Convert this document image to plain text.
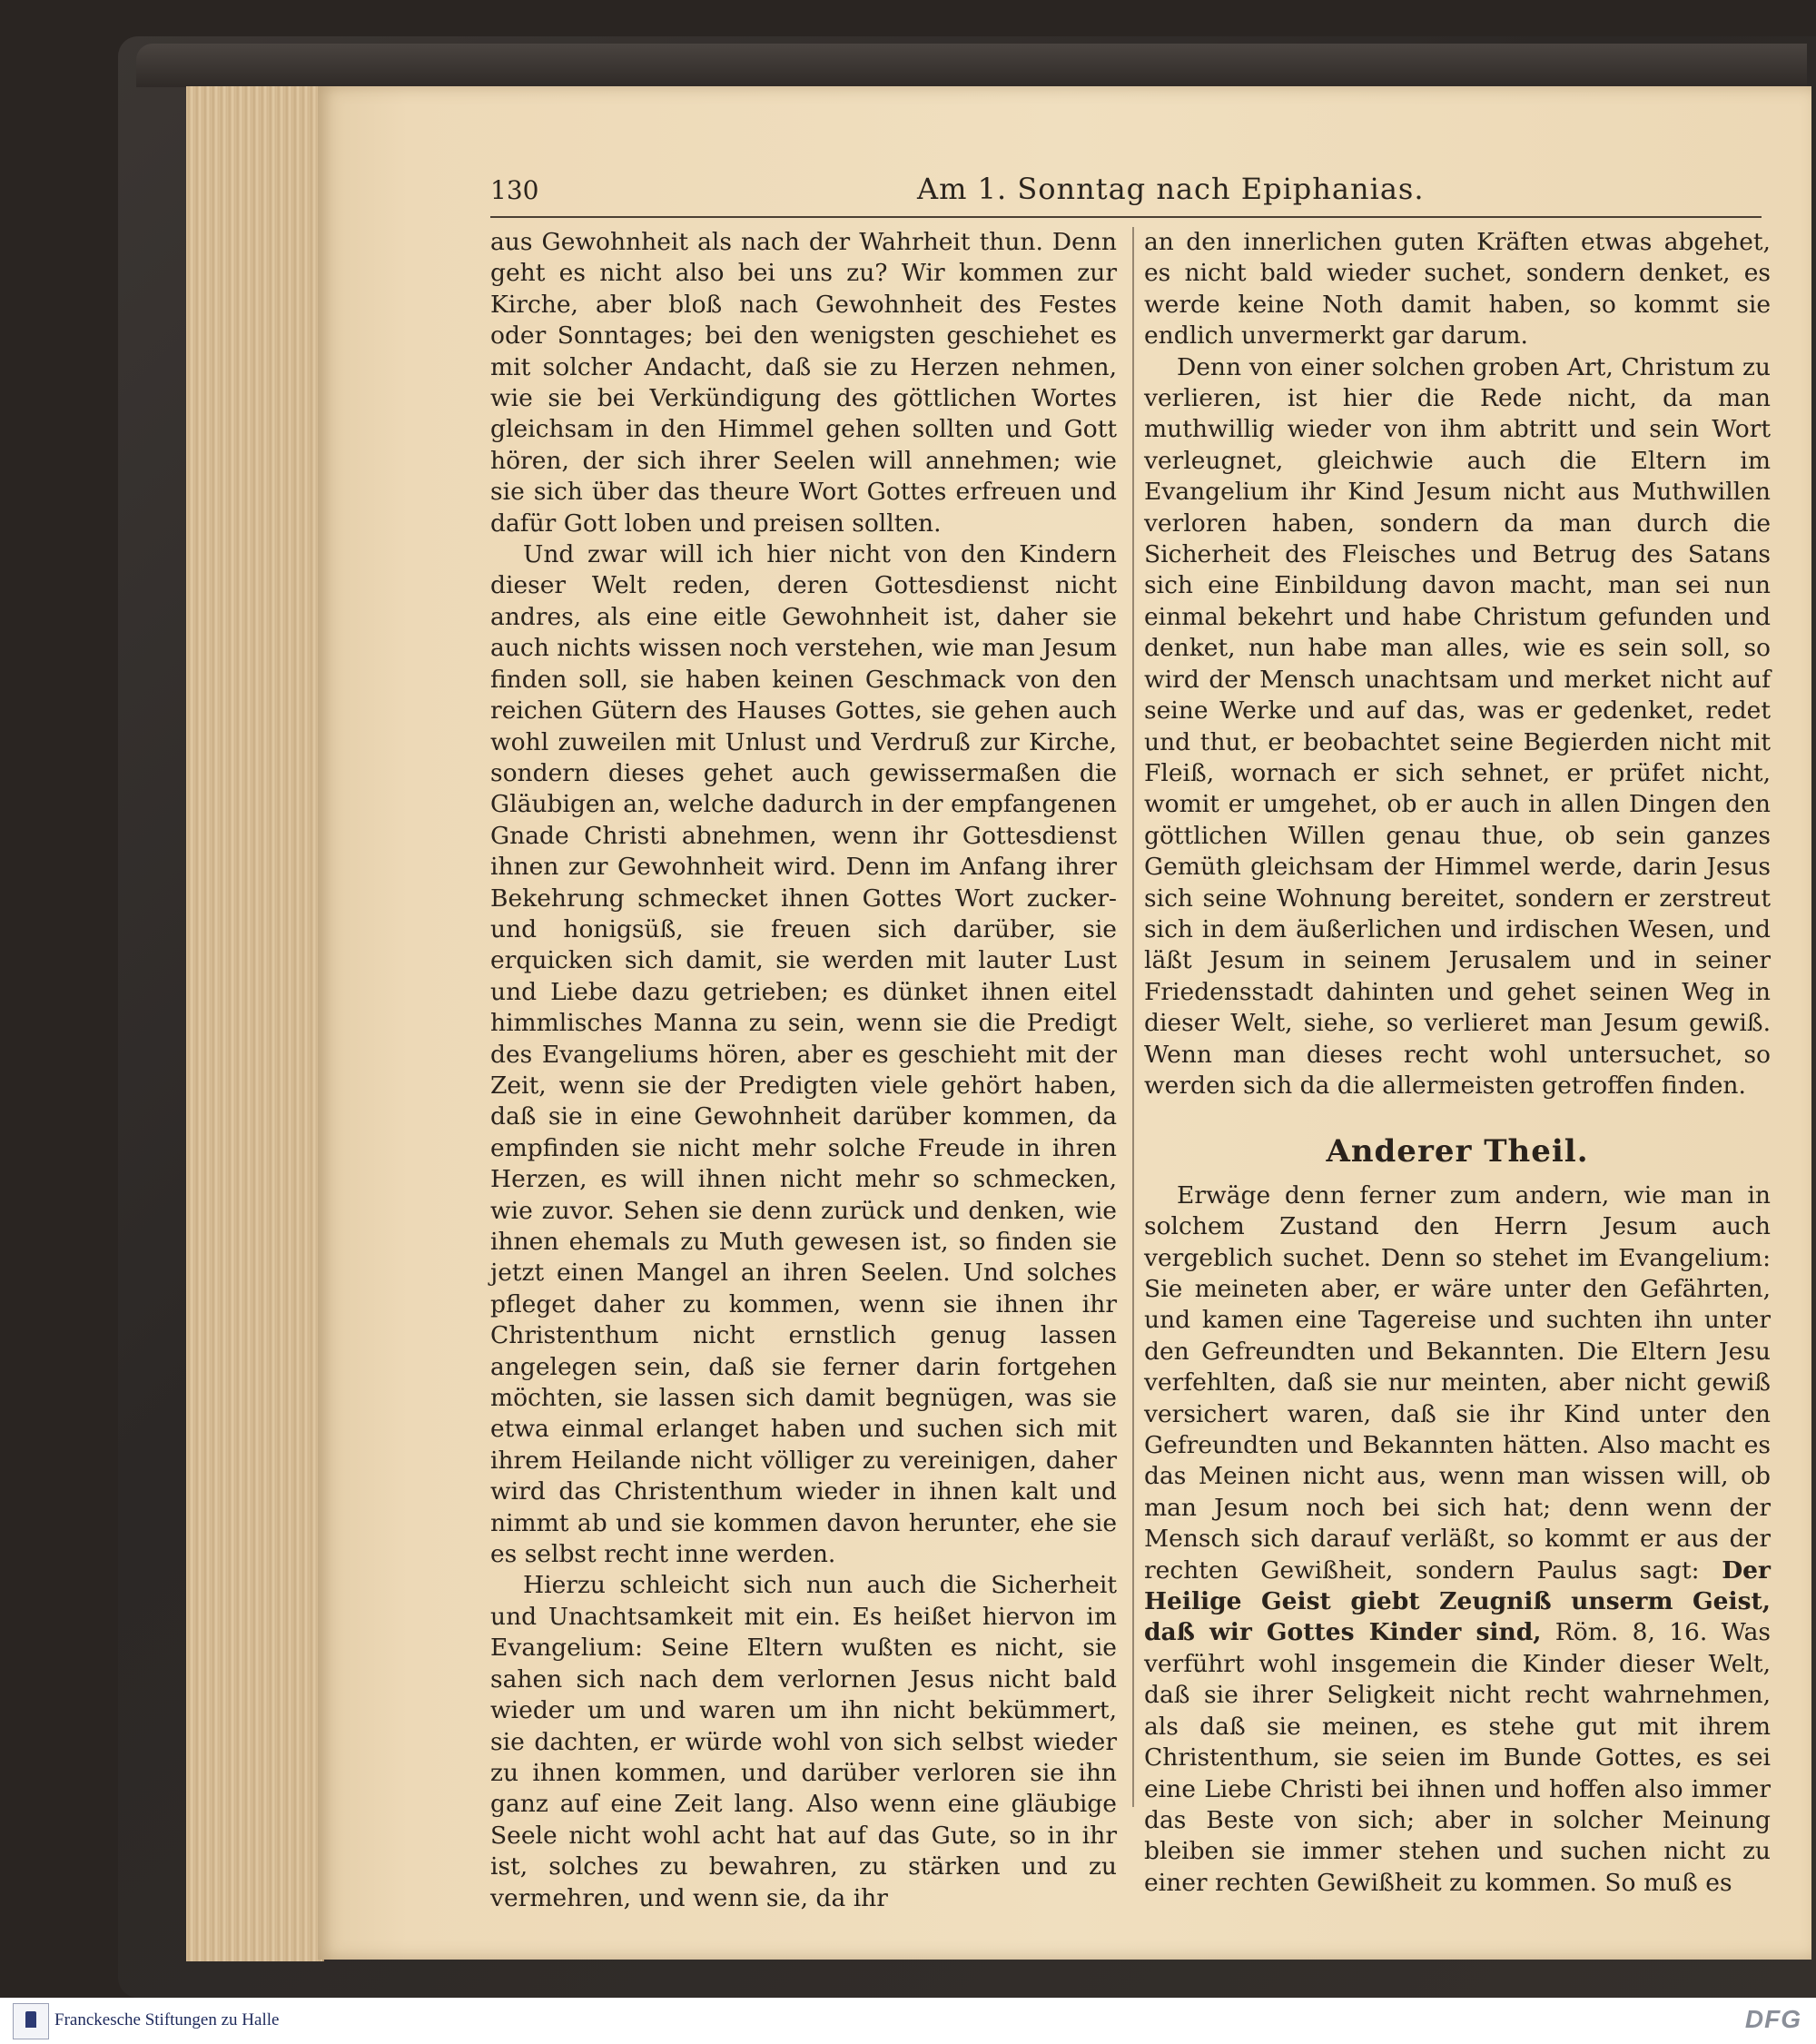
130	Am 1. Sonntag nach Epiphanias.

aus Gewohnheit als nach der Wahrheit thun. Denn geht es nicht also bei uns zu? Wir kommen zur Kirche, aber bloß nach Gewohnheit des Festes oder Sonntages; bei den wenigsten geschiehet es mit solcher Andacht, daß sie zu Herzen nehmen, wie sie bei Verkündigung des göttlichen Wortes gleichsam in den Himmel gehen sollten und Gott hören, der sich ihrer Seelen will annehmen; wie sie sich über das theure Wort Gottes erfreuen und dafür Gott loben und preisen sollten.

Und zwar will ich hier nicht von den Kindern dieser Welt reden, deren Gottesdienst nicht andres, als eine eitle Gewohnheit ist, daher sie auch nichts wissen noch verstehen, wie man Jesum finden soll, sie haben keinen Geschmack von den reichen Gütern des Hauses Gottes, sie gehen auch wohl zuweilen mit Unlust und Verdruß zur Kirche, sondern dieses gehet auch gewissermaßen die Gläubigen an, welche dadurch in der empfangenen Gnade Christi abnehmen, wenn ihr Gottesdienst ihnen zur Gewohnheit wird. Denn im Anfang ihrer Bekehrung schmecket ihnen Gottes Wort zucker- und honigsüß, sie freuen sich darüber, sie erquicken sich damit, sie werden mit lauter Lust und Liebe dazu getrieben; es dünket ihnen eitel himmlisches Manna zu sein, wenn sie die Predigt des Evangeliums hören, aber es geschieht mit der Zeit, wenn sie der Predigten viele gehört haben, daß sie in eine Gewohnheit darüber kommen, da empfinden sie nicht mehr solche Freude in ihren Herzen, es will ihnen nicht mehr so schmecken, wie zuvor. Sehen sie denn zurück und denken, wie ihnen ehemals zu Muth gewesen ist, so finden sie jetzt einen Mangel an ihren Seelen. Und solches pfleget daher zu kommen, wenn sie ihnen ihr Christenthum nicht ernstlich genug lassen angelegen sein, daß sie ferner darin fortgehen möchten, sie lassen sich damit begnügen, was sie etwa einmal erlanget haben und suchen sich mit ihrem Heilande nicht völliger zu vereinigen, daher wird das Christenthum wieder in ihnen kalt und nimmt ab und sie kommen davon herunter, ehe sie es selbst recht inne werden.

Hierzu schleicht sich nun auch die Sicherheit und Unachtsamkeit mit ein. Es heißet hiervon im Evangelium: Seine Eltern wußten es nicht, sie sahen sich nach dem verlornen Jesus nicht bald wieder um und waren um ihn nicht bekümmert, sie dachten, er würde wohl von sich selbst wieder zu ihnen kommen, und darüber verloren sie ihn ganz auf eine Zeit lang. Also wenn eine gläubige Seele nicht wohl acht hat auf das Gute, so in ihr ist, solches zu bewahren, zu stärken und zu vermehren, und wenn sie, da ihr

an den innerlichen guten Kräften etwas abgehet, es nicht bald wieder suchet, sondern denket, es werde keine Noth damit haben, so kommt sie endlich unvermerkt gar darum.

Denn von einer solchen groben Art, Christum zu verlieren, ist hier die Rede nicht, da man muthwillig wieder von ihm abtritt und sein Wort verleugnet, gleichwie auch die Eltern im Evangelium ihr Kind Jesum nicht aus Muthwillen verloren haben, sondern da man durch die Sicherheit des Fleisches und Betrug des Satans sich eine Einbildung davon macht, man sei nun einmal bekehrt und habe Christum gefunden und denket, nun habe man alles, wie es sein soll, so wird der Mensch unachtsam und merket nicht auf seine Werke und auf das, was er gedenket, redet und thut, er beobachtet seine Begierden nicht mit Fleiß, wornach er sich sehnet, er prüfet nicht, womit er umgehet, ob er auch in allen Dingen den göttlichen Willen genau thue, ob sein ganzes Gemüth gleichsam der Himmel werde, darin Jesus sich seine Wohnung bereitet, sondern er zerstreut sich in dem äußerlichen und irdischen Wesen, und läßt Jesum in seinem Jerusalem und in seiner Friedensstadt dahinten und gehet seinen Weg in dieser Welt, siehe, so verlieret man Jesum gewiß. Wenn man dieses recht wohl untersuchet, so werden sich da die allermeisten getroffen finden.

Anderer Theil.

Erwäge denn ferner zum andern, wie man in solchem Zustand den Herrn Jesum auch vergeblich suchet. Denn so stehet im Evangelium: Sie meineten aber, er wäre unter den Gefährten, und kamen eine Tagereise und suchten ihn unter den Gefreundten und Bekannten. Die Eltern Jesu verfehlten, daß sie nur meinten, aber nicht gewiß versichert waren, daß sie ihr Kind unter den Gefreundten und Bekannten hätten. Also macht es das Meinen nicht aus, wenn man wissen will, ob man Jesum noch bei sich hat; denn wenn der Mensch sich darauf verläßt, so kommt er aus der rechten Gewißheit, sondern Paulus sagt: Der Heilige Geist giebt Zeugniß unserm Geist, daß wir Gottes Kinder sind, Röm. 8, 16. Was verführt wohl insgemein die Kinder dieser Welt, daß sie ihrer Seligkeit nicht recht wahrnehmen, als daß sie meinen, es stehe gut mit ihrem Christenthum, sie seien im Bunde Gottes, es sei eine Liebe Christi bei ihnen und hoffen also immer das Beste von sich; aber in solcher Meinung bleiben sie immer stehen und suchen nicht zu einer rechten Gewißheit zu kommen. So muß es

Franckesche Stiftungen zu Halle	DFG
